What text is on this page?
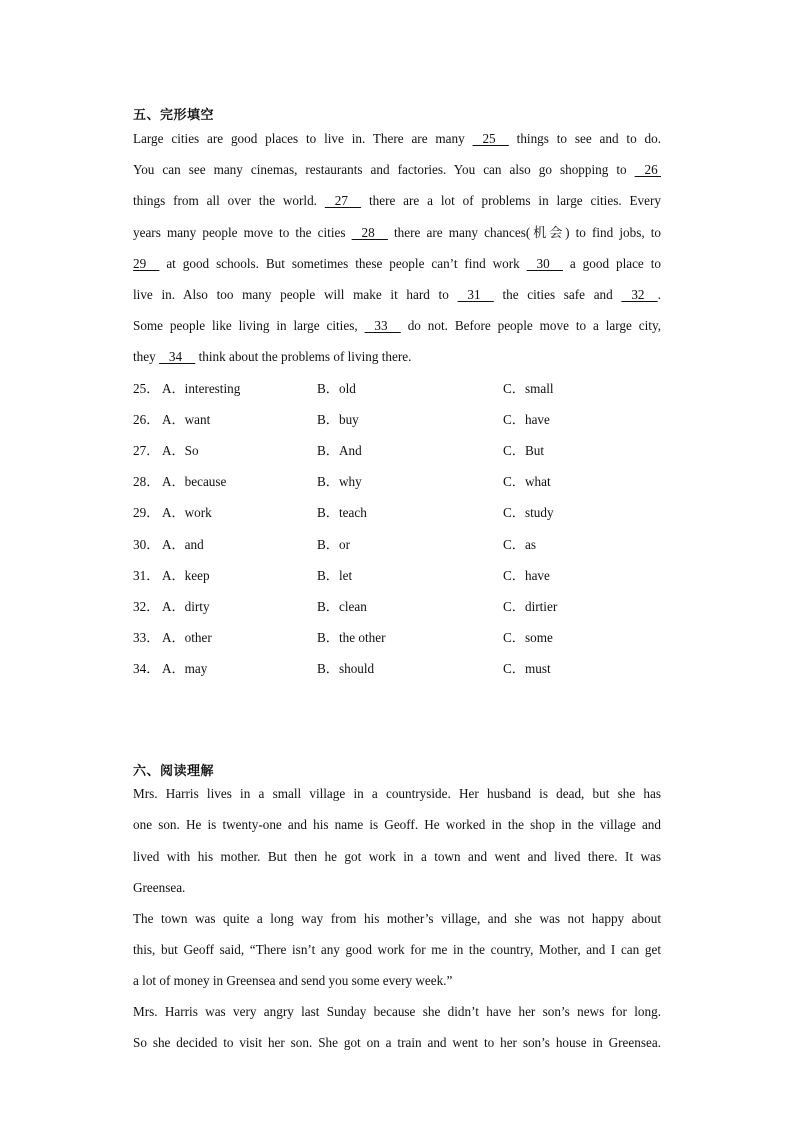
五、完形填空
Large cities are good places to live in. There are many    25     things to see and to do.
You can see many cinemas, restaurants and factories. You can also go shopping to    26
things from all over the world.    27     there are a lot of problems in large cities. Every
years many people move to the cities    28     there are many chances(机会) to find jobs, to
29     at good schools. But sometimes these people can’t find work    30     a good place to
live in. Also too many people will make it hard to    31     the cities safe and    32    .
Some people like living in large cities,    33     do not. Before people move to a large city,
they    34     think about the problems of living there.
25． A．interesting	B．old	C．small
26． A．want	B．buy	C．have
27． A．So	B．And	C．But
28． A．because	B．why	C．what
29． A．work	B．teach	C．study
30． A．and	B．or	C．as
31． A．keep	B．let	C．have
32． A．dirty	B．clean	C．dirtier
33． A．other	B．the other	C．some
34． A．may	B．should	C．must
六、阅读理解
Mrs. Harris lives in a small village in a countryside. Her husband is dead, but she has
one son. He is twenty-one and his name is Geoff. He worked in the shop in the village and
lived with his mother. But then he got work in a town and went and lived there. It was
Greensea.
The town was quite a long way from his mother’s village, and she was not happy about
this, but Geoff said, “There isn’t any good work for me in the country, Mother, and I can get
a lot of money in Greensea and send you some every week.”
Mrs. Harris was very angry last Sunday because she didn’t have her son’s news for long.
So she decided to visit her son. She got on a train and went to her son’s house in Greensea.
